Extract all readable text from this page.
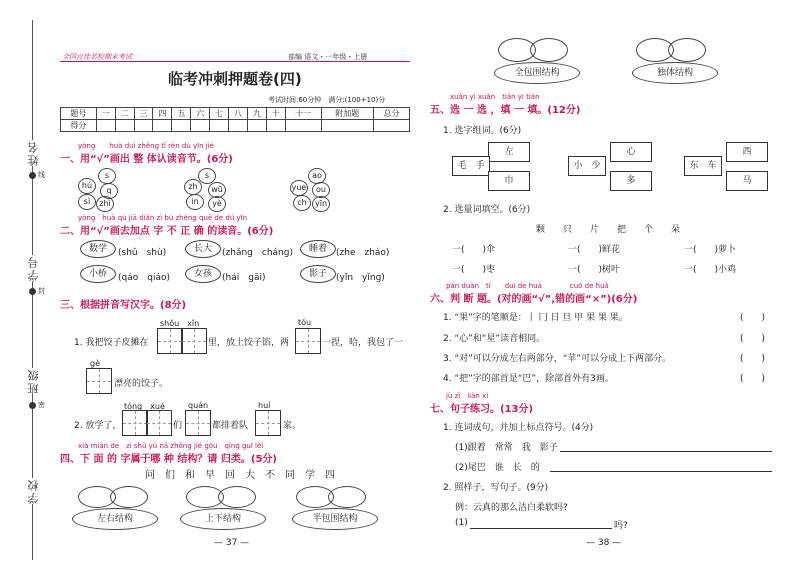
姓名
学号
班级
学校
线
封
密
全国百佳名校期末考试	部编 语文・一年级・上册
临考冲刺押题卷(四)
考试时间:60分钟　满分:(100+10)分
题号	一	二	三	四	五	六	七	八	九	十	十一	附加题	总分
得分													
yòng　　huà duì zhěng tǐ rèn dú yīn jié
一、用“√”画出 整 体认读音节。(6分)
s
hú
q
sì	zhì
s
zh	wū
in	yè
ao
yue	ou
ch	yīn
yòng　huà qù jiā diǎn zì bù zhèng què de dú yīn
二、用“√”画去加点 字 不 正 确 的读音。(6分)
数学	(shǔ　shù)	长大	(zhǎng　cháng)	睡着	(zhe　zháo)
小桥	(qáo　qiáo)	女孩	(hái　gāi)	影子	(yǐn　yǐng)
三、根据拼音写汉字。(8分)
shǒu　xǐn	tóu
1. 我把饺子皮摊在	里，放上饺子馅，两	一捏，哈，我包了一
gè
漂亮的饺子。
tóng　xué	quán	huí
2. 放学了，	们	都排着队	家。
xià miàn de　zì shǔ yú nǎ zhǒng jié gòu　qǐng guī lèi
四、下 面 的 字属于哪 种 结构？请 归类。(5分)
问　们　和　早　回　大　不　同　学　四
左右结构	上下结构	半包围结构
— 37 —
全包围结构	独体结构
xuǎn yi xuǎn　tián yi tián
五、选 一 选 ，填 一 填。(12分)
1. 选字组词。(6分)
左
毛　手
巾
心
小　少
多
西
东　车
马
2. 选量词填空。(6分)
颗　　只　　片　　把　　个　　朵
一(　　)伞	一(　　)鲜花	一(　　)萝卜
一(　　)枣	一(　　)树叶	一(　　)小鸡
pàn duàn　tí　　duì de huà　　　　cuò de huà
六、判 断 题。(对的画“√”,错的画“×”)(6分)
1. “果”字的笔顺是：丨 冂 日 旦 甲 果 果 果。	(　　)
2. “心”和“星”读音相同。	(　　)
3. “对”可以分成左右两部分，“苹”可以分成上下两部分。	(　　)
4. “把”字的部首是“巴”，除部首外有3画。	(　　)
jù zǐ　liàn xí
七、句子练习。(13分)
1. 连词成句，并加上标点符号。(4分)
(1)跟着　常常　我　影子
(2)尾巴　谁　长　的
2. 照样子，写句子。(9分)
例：云真的那么洁白柔软吗?
(1)	吗?
— 38 —
